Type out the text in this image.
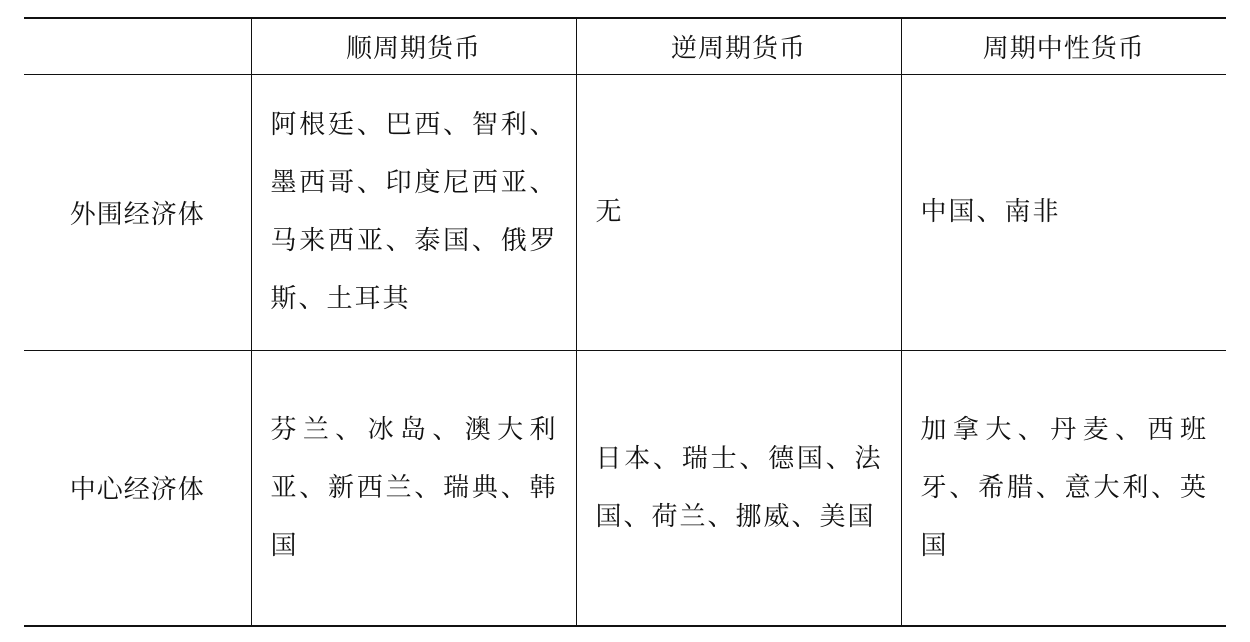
	顺周期货币	逆周期货币	周期中性货币
外围经济体	阿根廷、巴西、智利、墨西哥、印度尼西亚、马来西亚、泰国、俄罗斯、土耳其	无	中国、南非
中心经济体	芬兰、冰岛、澳大利亚、新西兰、瑞典、韩国	日本、瑞士、德国、法国、荷兰、挪威、美国	加拿大、丹麦、西班牙、希腊、意大利、英国
